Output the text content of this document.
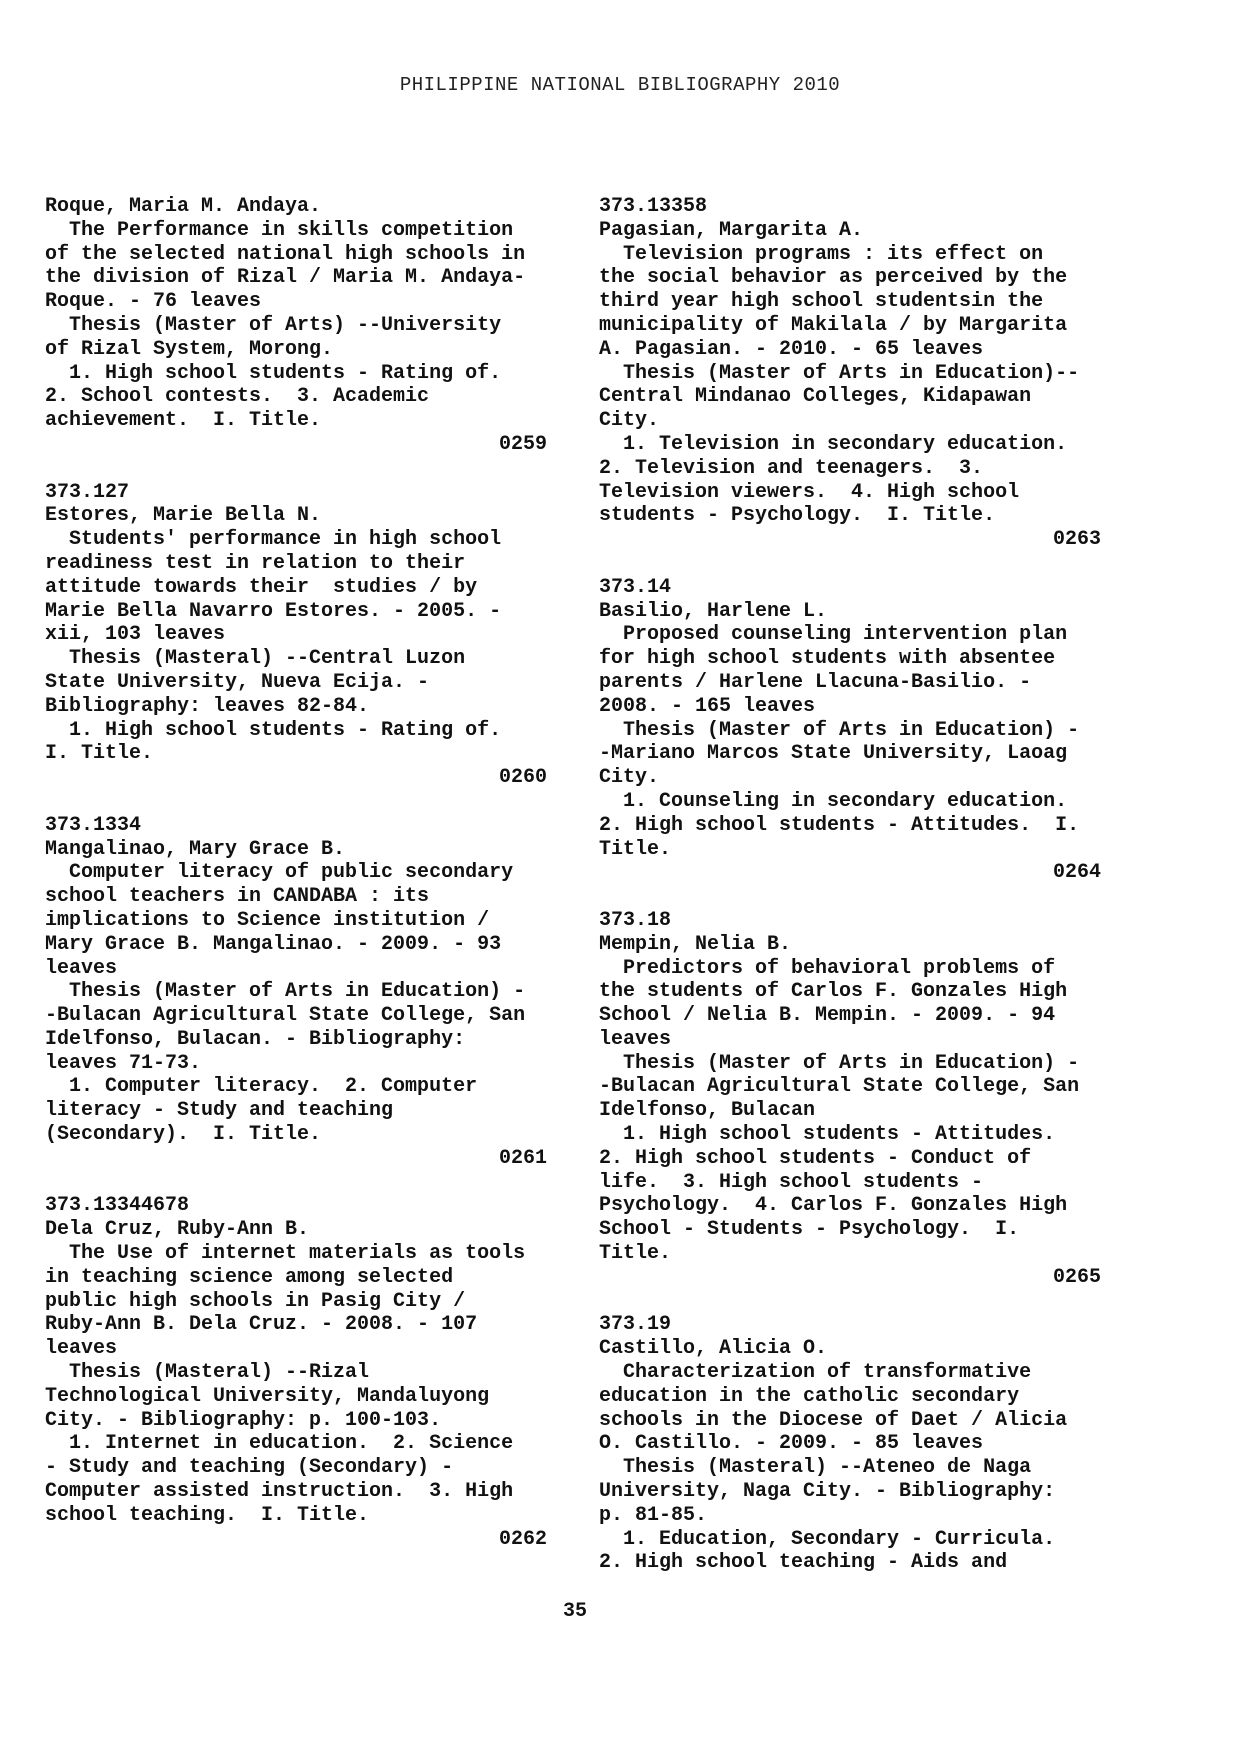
PHILIPPINE NATIONAL BIBLIOGRAPHY 2010
Roque, Maria M. Andaya.
The Performance in skills competition
of the selected national high schools in
the division of Rizal / Maria M. Andaya-
Roque. - 76 leaves
Thesis (Master of Arts) --University
of Rizal System, Morong.
1. High school students - Rating of.
2. School contests.  3. Academic
achievement.  I. Title.
0259
373.127
Estores, Marie Bella N.
Students' performance in high school
readiness test in relation to their
attitude towards their  studies / by
Marie Bella Navarro Estores. - 2005. -
xii, 103 leaves
Thesis (Masteral) --Central Luzon
State University, Nueva Ecija. -
Bibliography: leaves 82-84.
1. High school students - Rating of.
I. Title.
0260
373.1334
Mangalinao, Mary Grace B.
Computer literacy of public secondary
school teachers in CANDABA : its
implications to Science institution /
Mary Grace B. Mangalinao. - 2009. - 93
leaves
Thesis (Master of Arts in Education) -
-Bulacan Agricultural State College, San
Idelfonso, Bulacan. - Bibliography:
leaves 71-73.
1. Computer literacy.  2. Computer
literacy - Study and teaching
(Secondary).  I. Title.
0261
373.13344678
Dela Cruz, Ruby-Ann B.
The Use of internet materials as tools
in teaching science among selected
public high schools in Pasig City /
Ruby-Ann B. Dela Cruz. - 2008. - 107
leaves
Thesis (Masteral) --Rizal
Technological University, Mandaluyong
City. - Bibliography: p. 100-103.
1. Internet in education.  2. Science
- Study and teaching (Secondary) -
Computer assisted instruction.  3. High
school teaching.  I. Title.
0262
373.13358
Pagasian, Margarita A.
Television programs : its effect on
the social behavior as perceived by the
third year high school studentsin the
municipality of Makilala / by Margarita
A. Pagasian. - 2010. - 65 leaves
Thesis (Master of Arts in Education)--
Central Mindanao Colleges, Kidapawan
City.
1. Television in secondary education.
2. Television and teenagers.  3.
Television viewers.  4. High school
students - Psychology.  I. Title.
0263
373.14
Basilio, Harlene L.
Proposed counseling intervention plan
for high school students with absentee
parents / Harlene Llacuna-Basilio. -
2008. - 165 leaves
Thesis (Master of Arts in Education) -
-Mariano Marcos State University, Laoag
City.
1. Counseling in secondary education.
2. High school students - Attitudes.  I.
Title.
0264
373.18
Mempin, Nelia B.
Predictors of behavioral problems of
the students of Carlos F. Gonzales High
School / Nelia B. Mempin. - 2009. - 94
leaves
Thesis (Master of Arts in Education) -
-Bulacan Agricultural State College, San
Idelfonso, Bulacan
1. High school students - Attitudes.
2. High school students - Conduct of
life.  3. High school students -
Psychology.  4. Carlos F. Gonzales High
School - Students - Psychology.  I.
Title.
0265
373.19
Castillo, Alicia O.
Characterization of transformative
education in the catholic secondary
schools in the Diocese of Daet / Alicia
O. Castillo. - 2009. - 85 leaves
Thesis (Masteral) --Ateneo de Naga
University, Naga City. - Bibliography:
p. 81-85.
1. Education, Secondary - Curricula.
2. High school teaching - Aids and
35
